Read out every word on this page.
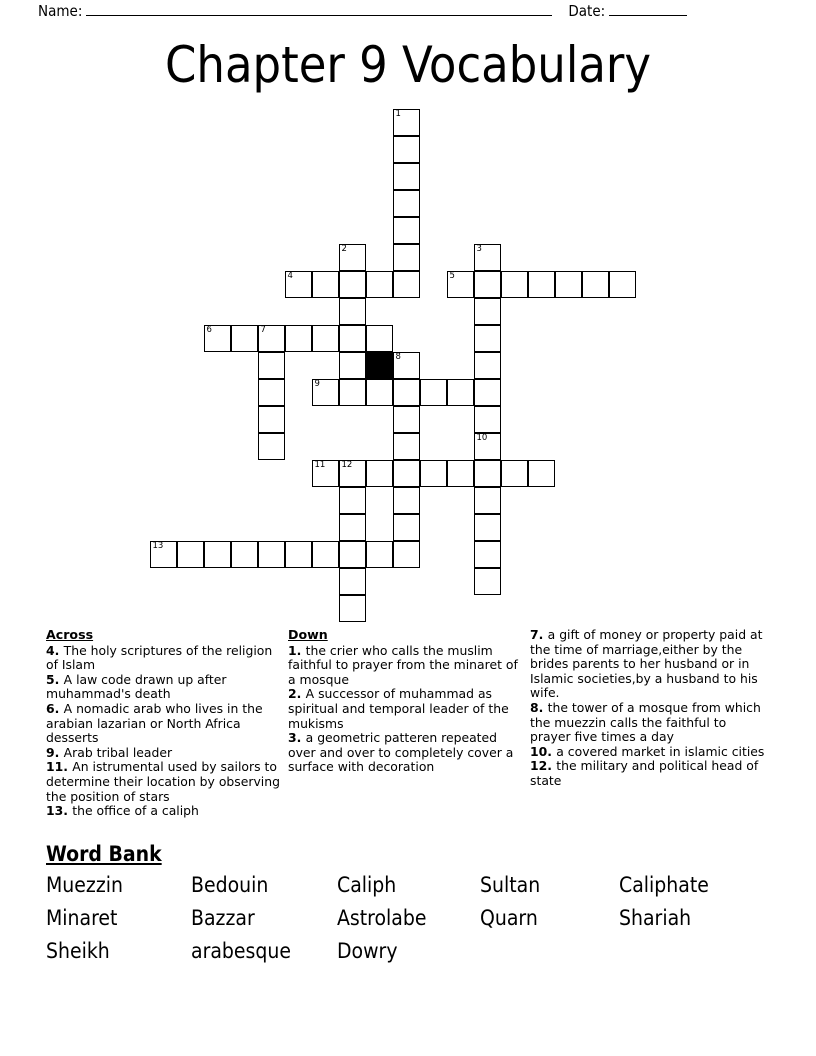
Name:	Date:
Chapter 9 Vocabulary
1
2	3
4	5
6	7
8
9
10
11 12
13
Across

4. The holy scriptures of the religion of Islam

5. A law code drawn up after muhammad's death

6. A nomadic arab who lives in the arabian lazarian or North Africa desserts

9. Arab tribal leader

11. An istrumental used by sailors to determine their location by observing the position of stars

13. the office of a caliph

Down

1. the crier who calls the muslim faithful to prayer from the minaret of a mosque

2. A successor of muhammad as spiritual and temporal leader of the mukisms

3. a geometric patteren repeated over and over to completely cover a surface with decoration

7. a gift of money or property paid at the time of marriage,either by the brides parents to her husband or in Islamic societies,by a husband to his wife.

8. the tower of a mosque from which the muezzin calls the faithful to prayer five times a day

10. a covered market in islamic cities

12. the military and political head of state

Word Bank
Muezzin	Bedouin	Caliph	Sultan	Caliphate
Minaret	Bazzar	Astrolabe	Quarn	Shariah
Sheikh	arabesque	Dowry
